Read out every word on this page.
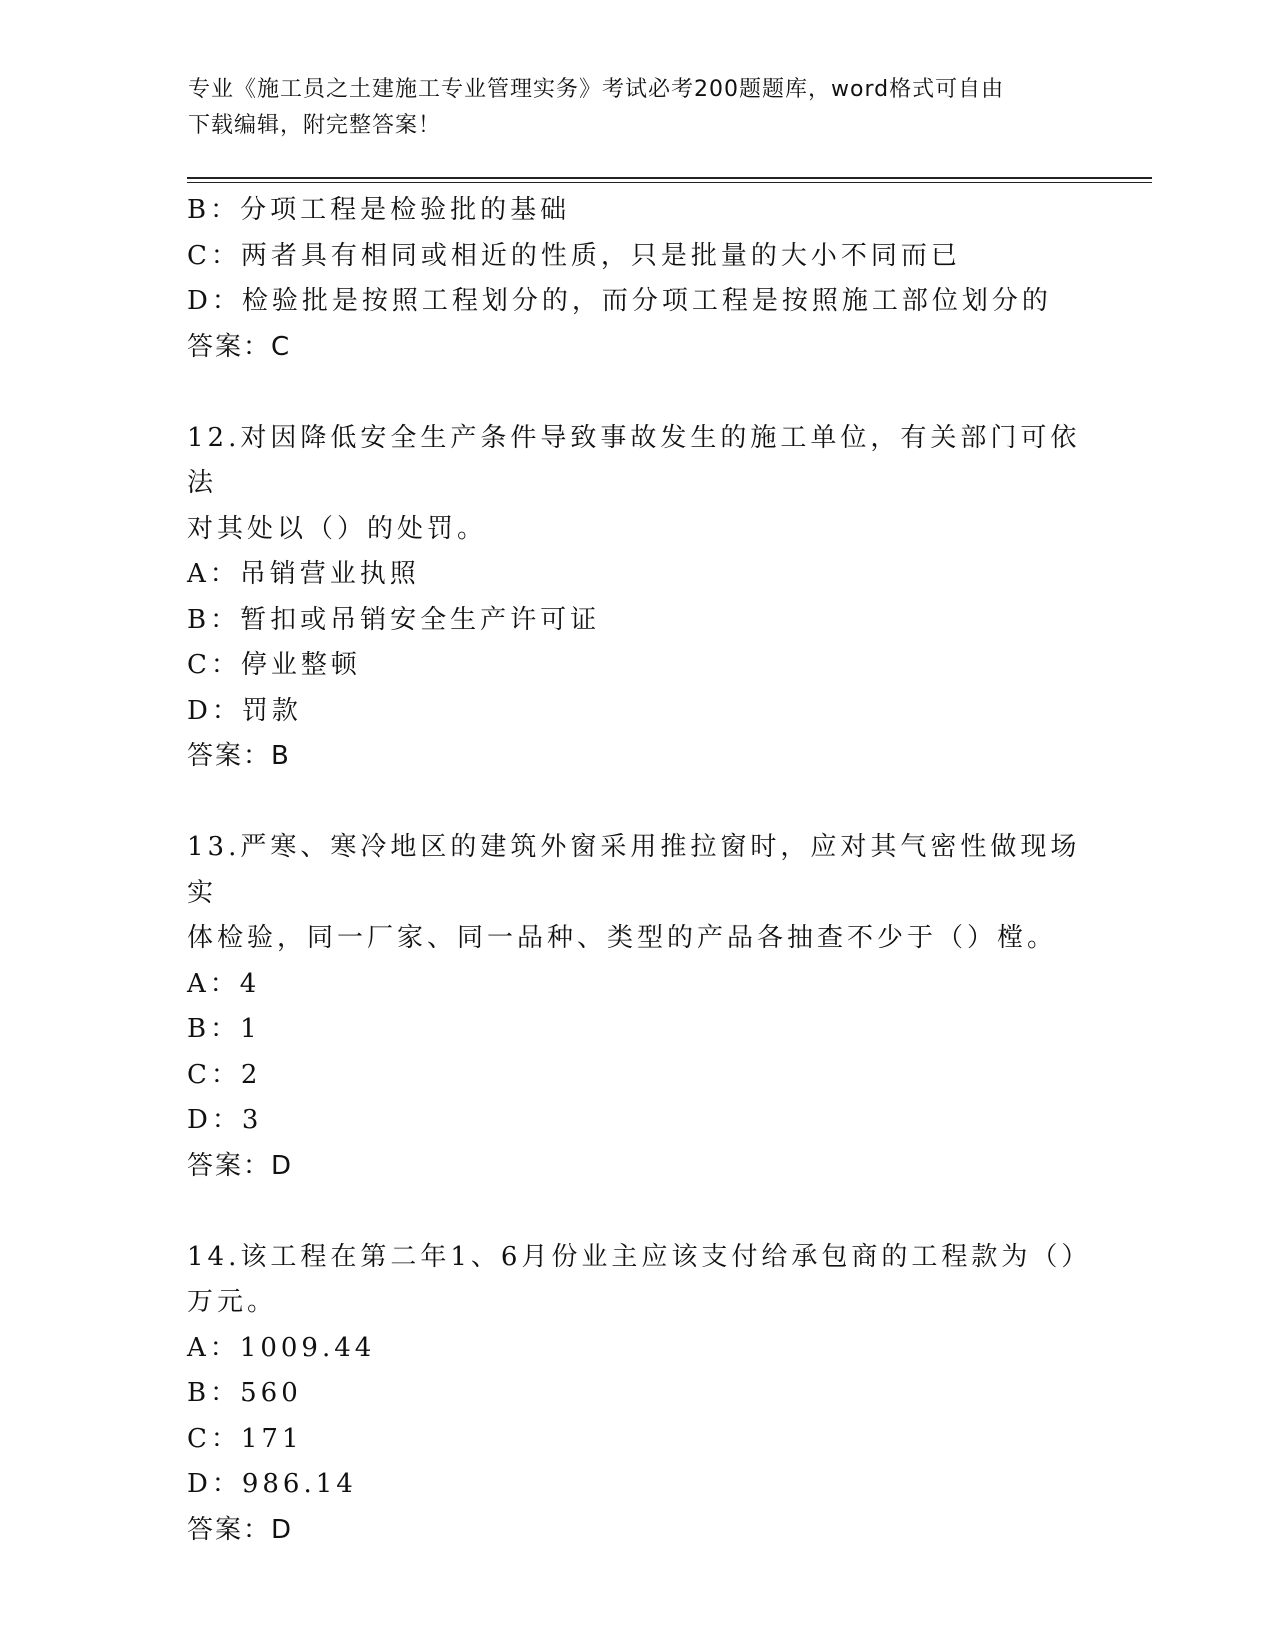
专业《施工员之土建施工专业管理实务》考试必考200题题库，word格式可自由
下载编辑，附完整答案！
B：分项工程是检验批的基础
C：两者具有相同或相近的性质，只是批量的大小不同而已
D：检验批是按照工程划分的，而分项工程是按照施工部位划分的
答案：C
12.对因降低安全生产条件导致事故发生的施工单位，有关部门可依法
对其处以（）的处罚。
A：吊销营业执照
B：暂扣或吊销安全生产许可证
C：停业整顿
D：罚款
答案：B
13.严寒、寒冷地区的建筑外窗采用推拉窗时，应对其气密性做现场实
体检验，同一厂家、同一品种、类型的产品各抽查不少于（）樘。
A：4
B：1
C：2
D：3
答案：D
14.该工程在第二年1、6月份业主应该支付给承包商的工程款为（）
万元。
A：1009.44
B：560
C：171
D：986.14
答案：D
